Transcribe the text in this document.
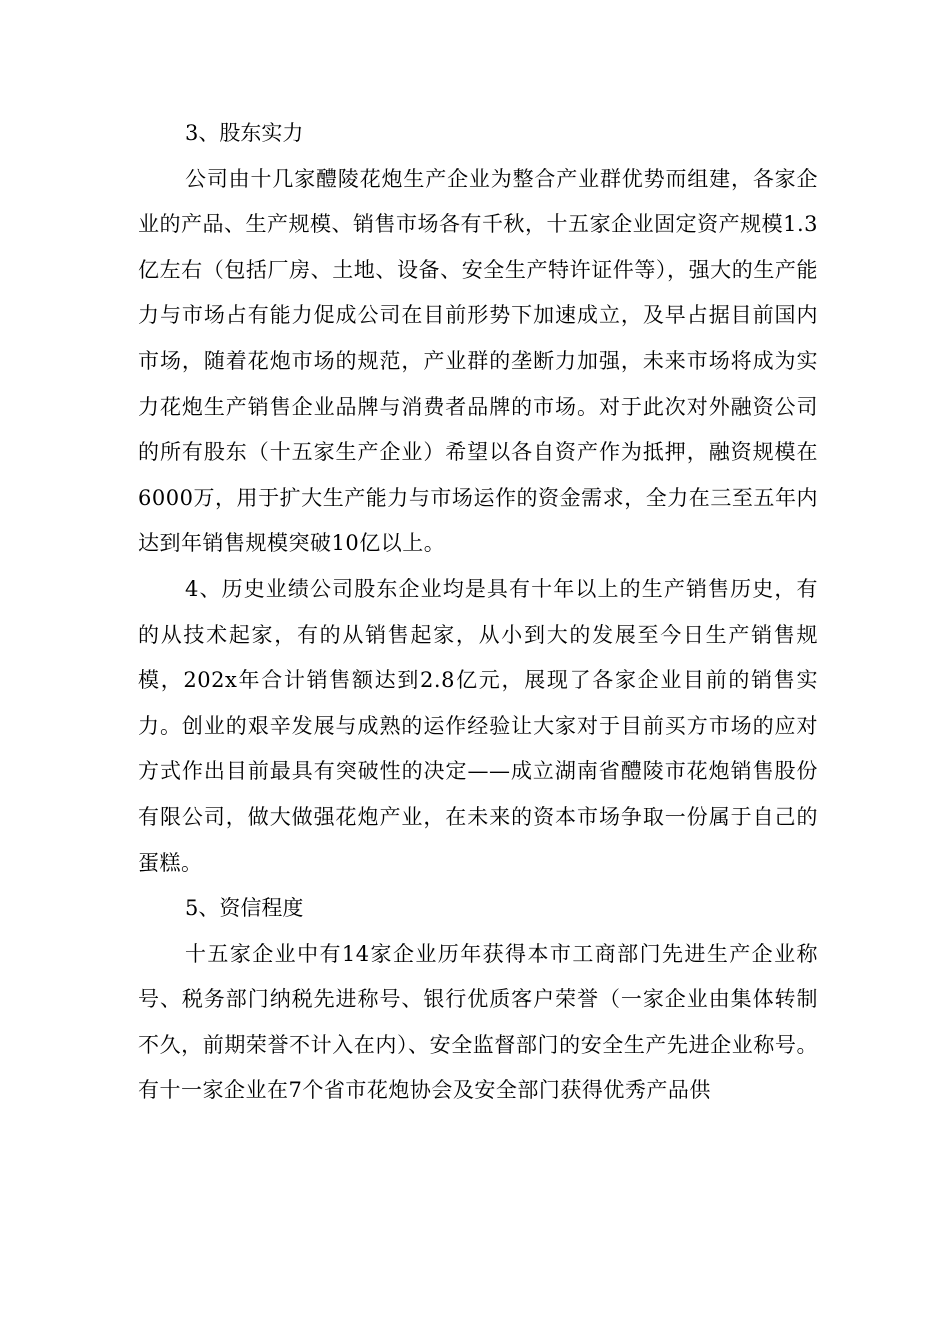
3、股东实力

公司由十几家醴陵花炮生产企业为整合产业群优势而组建，各家企业的产品、生产规模、销售市场各有千秋，十五家企业固定资产规模1.3亿左右（包括厂房、土地、设备、安全生产特许证件等），强大的生产能力与市场占有能力促成公司在目前形势下加速成立，及早占据目前国内市场，随着花炮市场的规范，产业群的垄断力加强，未来市场将成为实力花炮生产销售企业品牌与消费者品牌的市场。对于此次对外融资公司的所有股东（十五家生产企业）希望以各自资产作为抵押，融资规模在6000万，用于扩大生产能力与市场运作的资金需求，全力在三至五年内达到年销售规模突破10亿以上。

4、历史业绩公司股东企业均是具有十年以上的生产销售历史，有的从技术起家，有的从销售起家，从小到大的发展至今日生产销售规模，202x年合计销售额达到2.8亿元，展现了各家企业目前的销售实力。创业的艰辛发展与成熟的运作经验让大家对于目前买方市场的应对方式作出目前最具有突破性的决定——成立湖南省醴陵市花炮销售股份有限公司，做大做强花炮产业，在未来的资本市场争取一份属于自己的蛋糕。

5、资信程度

十五家企业中有14家企业历年获得本市工商部门先进生产企业称号、税务部门纳税先进称号、银行优质客户荣誉（一家企业由集体转制不久，前期荣誉不计入在内）、安全监督部门的安全生产先进企业称号。有十一家企业在7个省市花炮协会及安全部门获得优秀产品供
